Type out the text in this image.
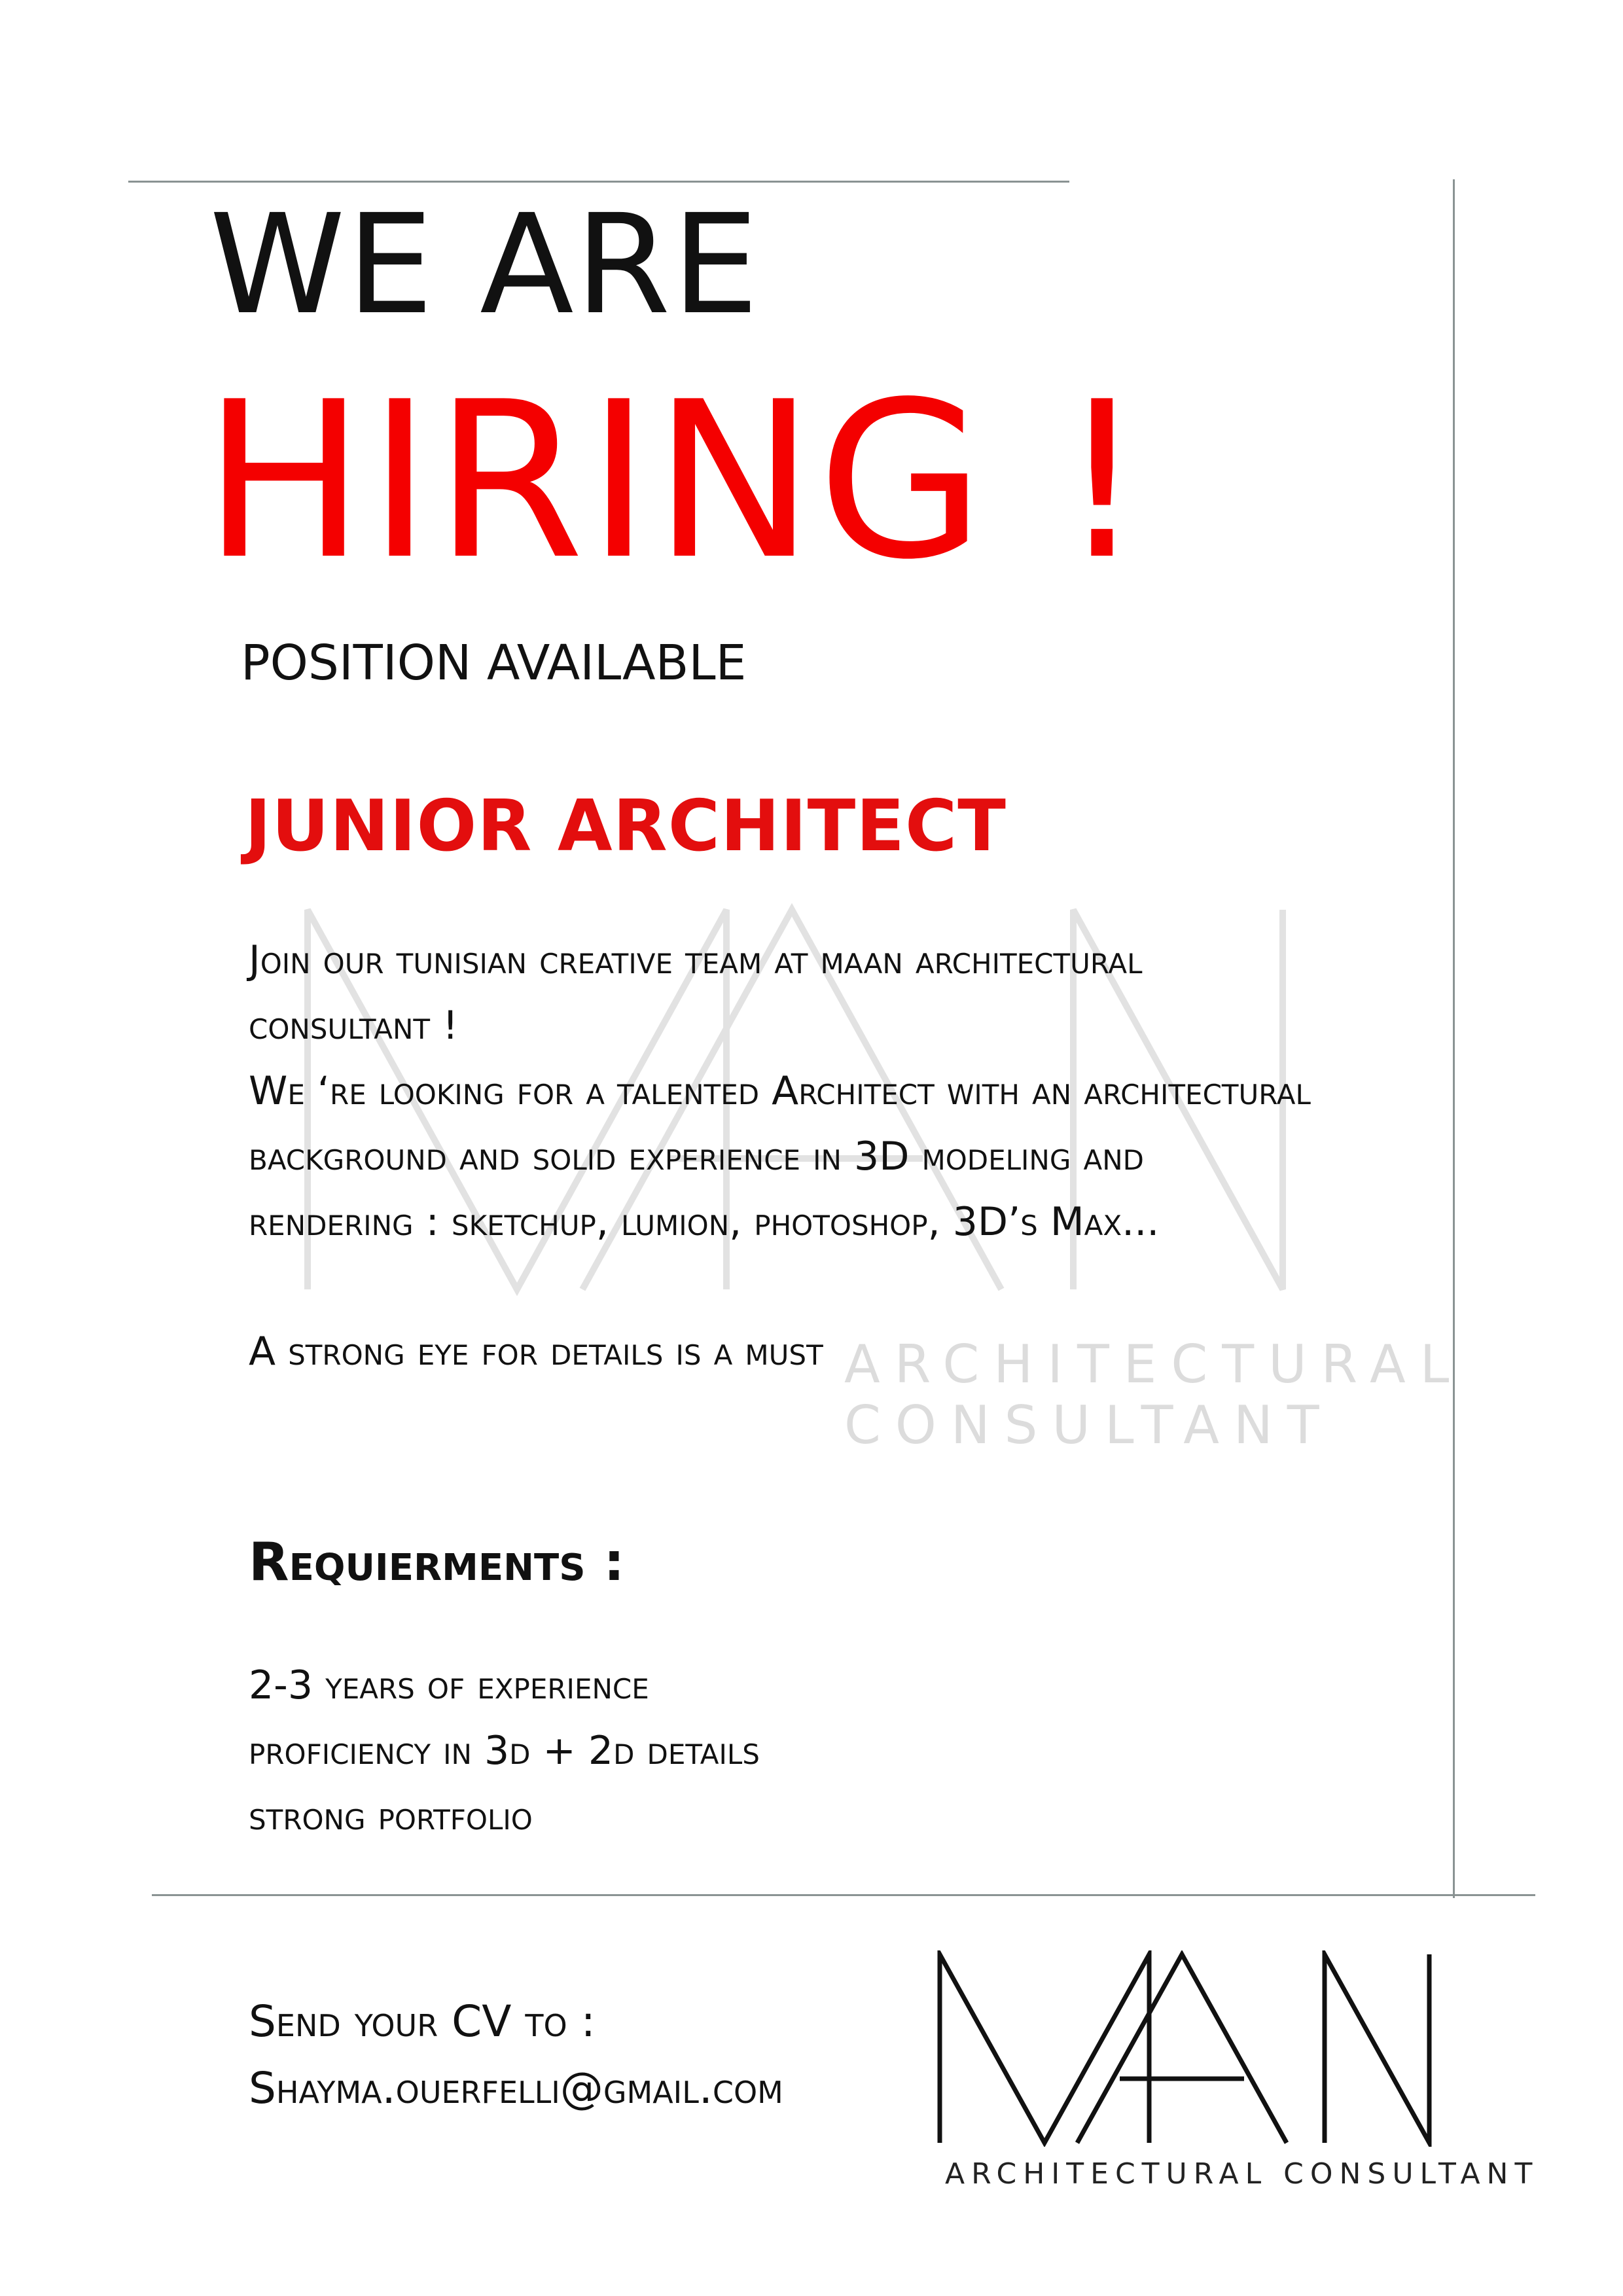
ARCHITECTURAL CONSULTANT
WE ARE
HIRING !
POSITION AVAILABLE
JUNIOR ARCHITECT
Join our tunisian creative team at maan architectural
consultant !
We ‘re looking for a talented Architect with an architectural
background and solid experience in 3D modeling and
rendering : sketchup, lumion, photoshop, 3D’s Max...
A strong eye for details is a must
Requierments :
2-3 years of experience
proficiency in 3d + 2d details
strong portfolio
Send your CV to :
Shayma.ouerfelli@gmail.com
ARCHITECTURAL CONSULTANT
